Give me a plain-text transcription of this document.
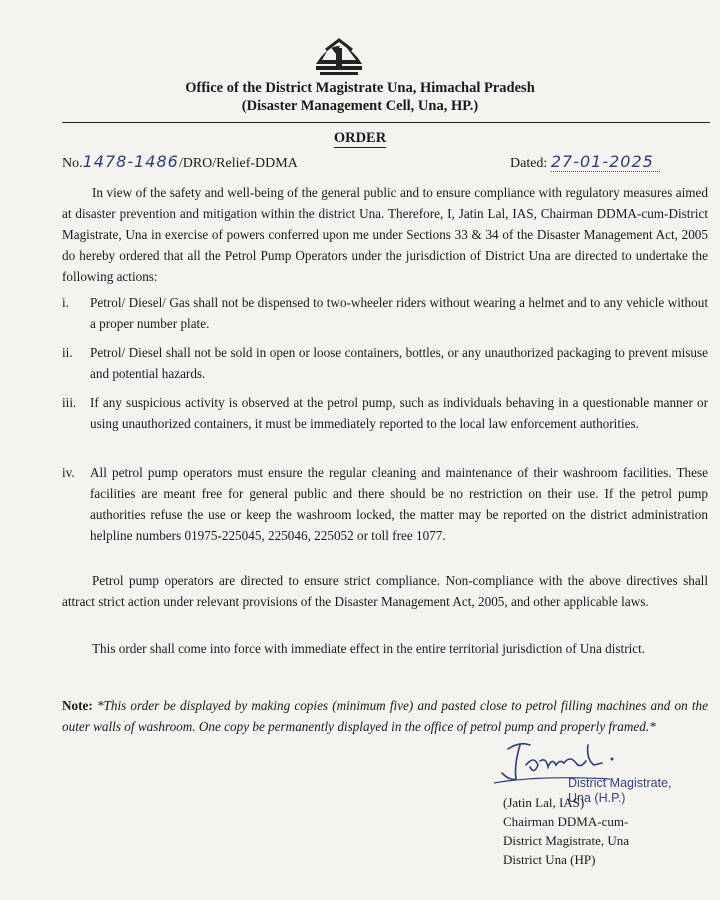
Office of the District Magistrate Una, Himachal Pradesh
(Disaster Management Cell, Una, HP.)
ORDER
No.1478-1486/DRO/Relief-DDMA	Dated: 27-01-2025
In view of the safety and well-being of the general public and to ensure compliance with regulatory measures aimed at disaster prevention and mitigation within the district Una. Therefore, I, Jatin Lal, IAS, Chairman DDMA-cum-District Magistrate, Una in exercise of powers conferred upon me under Sections 33 & 34 of the Disaster Management Act, 2005 do hereby ordered that all the Petrol Pump Operators under the jurisdiction of District Una are directed to undertake the following actions:
i.	Petrol/ Diesel/ Gas shall not be dispensed to two-wheeler riders without wearing a helmet and to any vehicle without a proper number plate.
ii.	Petrol/ Diesel shall not be sold in open or loose containers, bottles, or any unauthorized packaging to prevent misuse and potential hazards.
iii.	If any suspicious activity is observed at the petrol pump, such as individuals behaving in a questionable manner or using unauthorized containers, it must be immediately reported to the local law enforcement authorities.
iv.	All petrol pump operators must ensure the regular cleaning and maintenance of their washroom facilities. These facilities are meant free for general public and there should be no restriction on their use. If the petrol pump authorities refuse the use or keep the washroom locked, the matter may be reported on the district administration helpline numbers 01975-225045, 225046, 225052 or toll free 1077.
Petrol pump operators are directed to ensure strict compliance. Non-compliance with the above directives shall attract strict action under relevant provisions of the Disaster Management Act, 2005, and other applicable laws.
This order shall come into force with immediate effect in the entire territorial jurisdiction of Una district.
Note: *This order be displayed by making copies (minimum five) and pasted close to petrol filling machines and on the outer walls of washroom. One copy be permanently displayed in the office of petrol pump and properly framed.*
District Magistrate,
Una (H.P.)
(Jatin Lal, IAS)
Chairman DDMA-cum-
District Magistrate, Una
District Una (HP)
